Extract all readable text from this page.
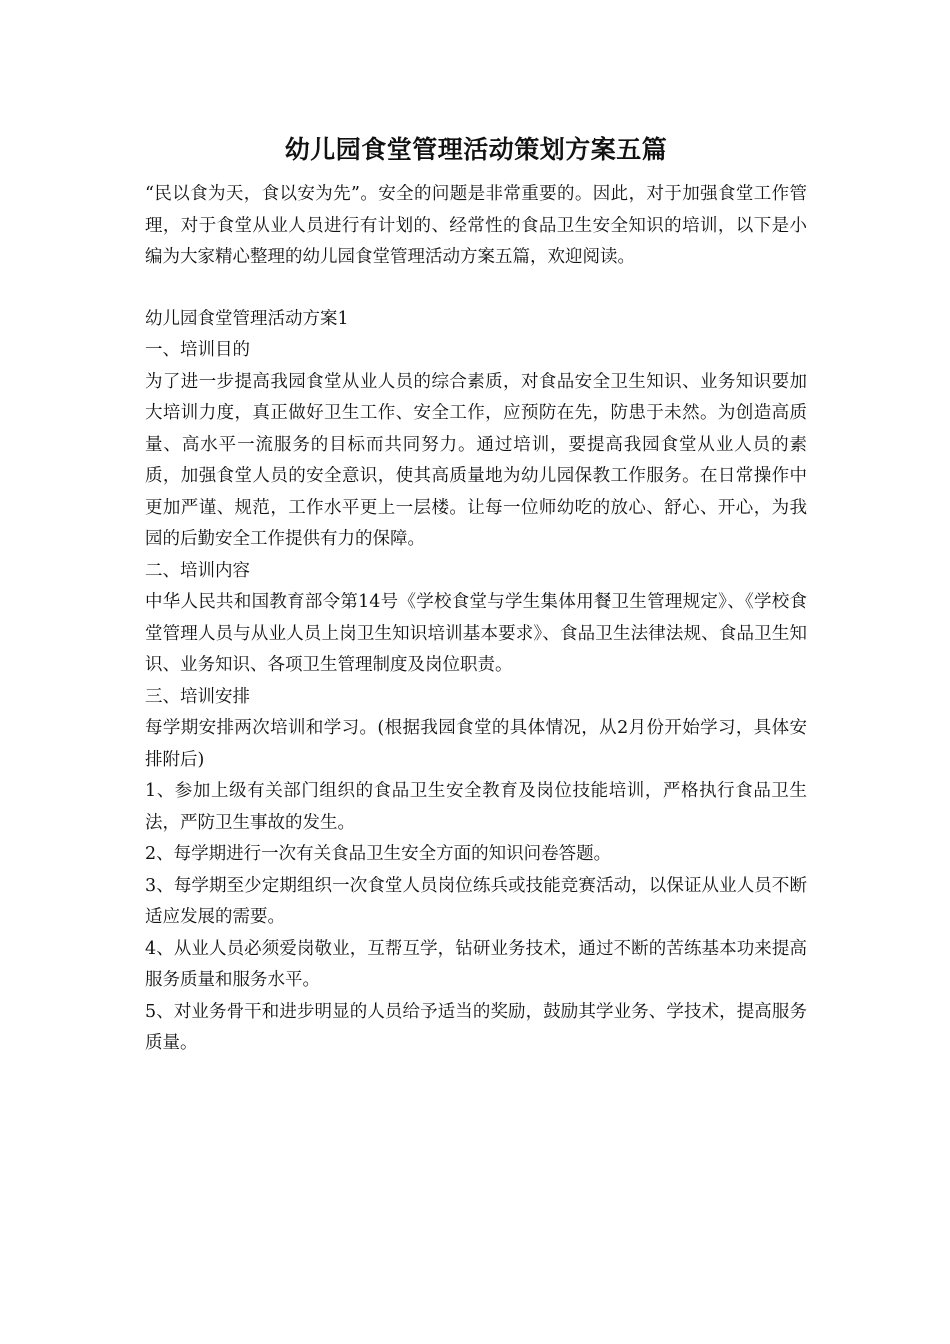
幼儿园食堂管理活动策划方案五篇

“民以食为天，食以安为先”。安全的问题是非常重要的。因此，对于加强食堂工作管理，对于食堂从业人员进行有计划的、经常性的食品卫生安全知识的培训，以下是小编为大家精心整理的幼儿园食堂管理活动方案五篇，欢迎阅读。

幼儿园食堂管理活动方案1

一、培训目的

为了进一步提高我园食堂从业人员的综合素质，对食品安全卫生知识、业务知识要加大培训力度，真正做好卫生工作、安全工作，应预防在先，防患于未然。为创造高质量、高水平一流服务的目标而共同努力。通过培训，要提高我园食堂从业人员的素质，加强食堂人员的安全意识，使其高质量地为幼儿园保教工作服务。在日常操作中更加严谨、规范，工作水平更上一层楼。让每一位师幼吃的放心、舒心、开心，为我园的后勤安全工作提供有力的保障。

二、培训内容

中华人民共和国教育部令第14号《学校食堂与学生集体用餐卫生管理规定》、《学校食堂管理人员与从业人员上岗卫生知识培训基本要求》、食品卫生法律法规、食品卫生知识、业务知识、各项卫生管理制度及岗位职责。

三、培训安排

每学期安排两次培训和学习。(根据我园食堂的具体情况，从2月份开始学习，具体安排附后)

1、参加上级有关部门组织的食品卫生安全教育及岗位技能培训，严格执行食品卫生法，严防卫生事故的发生。

2、每学期进行一次有关食品卫生安全方面的知识问卷答题。

3、每学期至少定期组织一次食堂人员岗位练兵或技能竞赛活动，以保证从业人员不断适应发展的需要。

4、从业人员必须爱岗敬业，互帮互学，钻研业务技术，通过不断的苦练基本功来提高服务质量和服务水平。

5、对业务骨干和进步明显的人员给予适当的奖励，鼓励其学业务、学技术，提高服务质量。
